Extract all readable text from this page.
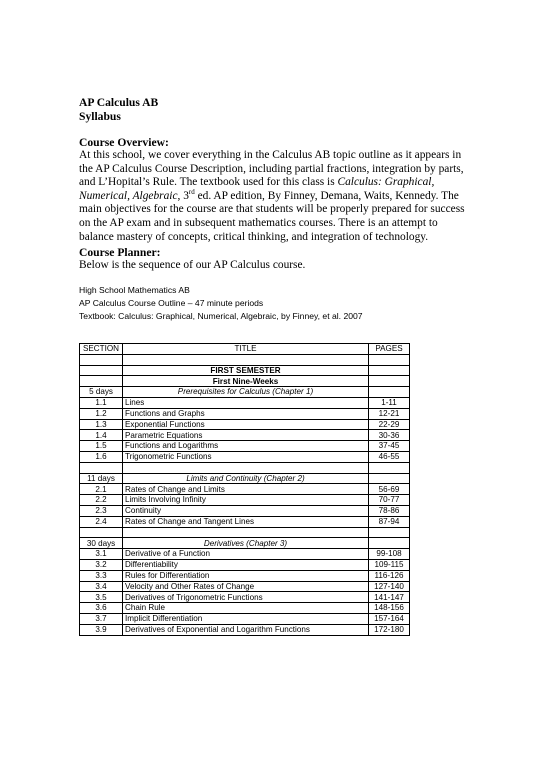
AP Calculus AB
Syllabus
Course Overview:
At this school, we cover everything in the Calculus AB topic outline as it appears in the AP Calculus Course Description, including partial fractions, integration by parts, and L’Hopital’s Rule. The textbook used for this class is Calculus: Graphical, Numerical, Algebraic, 3rd ed. AP edition, By Finney, Demana, Waits, Kennedy. The main objectives for the course are that students will be properly prepared for success on the AP exam and in subsequent mathematics courses. There is an attempt to balance mastery of concepts, critical thinking, and integration of technology.
Course Planner:
Below is the sequence of our AP Calculus course.
High School Mathematics AB
AP Calculus Course Outline – 47 minute periods
Textbook: Calculus: Graphical, Numerical, Algebraic, by Finney, et al. 2007
SECTION	TITLE	PAGES

	FIRST SEMESTER	
	First Nine-Weeks	
5 days	Prerequisites for Calculus (Chapter 1)	
1.1	Lines	1-11
1.2	Functions and Graphs	12-21
1.3	Exponential Functions	22-29
1.4	Parametric Equations	30-36
1.5	Functions and Logarithms	37-45
1.6	Trigonometric Functions	46-55

11 days	Limits and Continuity (Chapter 2)	
2.1	Rates of Change and Limits	56-69
2.2	Limits Involving Infinity	70-77
2.3	Continuity	78-86
2.4	Rates of Change and Tangent Lines	87-94

30 days	Derivatives (Chapter 3)	
3.1	Derivative of a Function	99-108
3.2	Differentiability	109-115
3.3	Rules for Differentiation	116-126
3.4	Velocity and Other Rates of Change	127-140
3.5	Derivatives of Trigonometric Functions	141-147
3.6	Chain Rule	148-156
3.7	Implicit Differentiation	157-164
3.9	Derivatives of Exponential and Logarithm Functions	172-180
